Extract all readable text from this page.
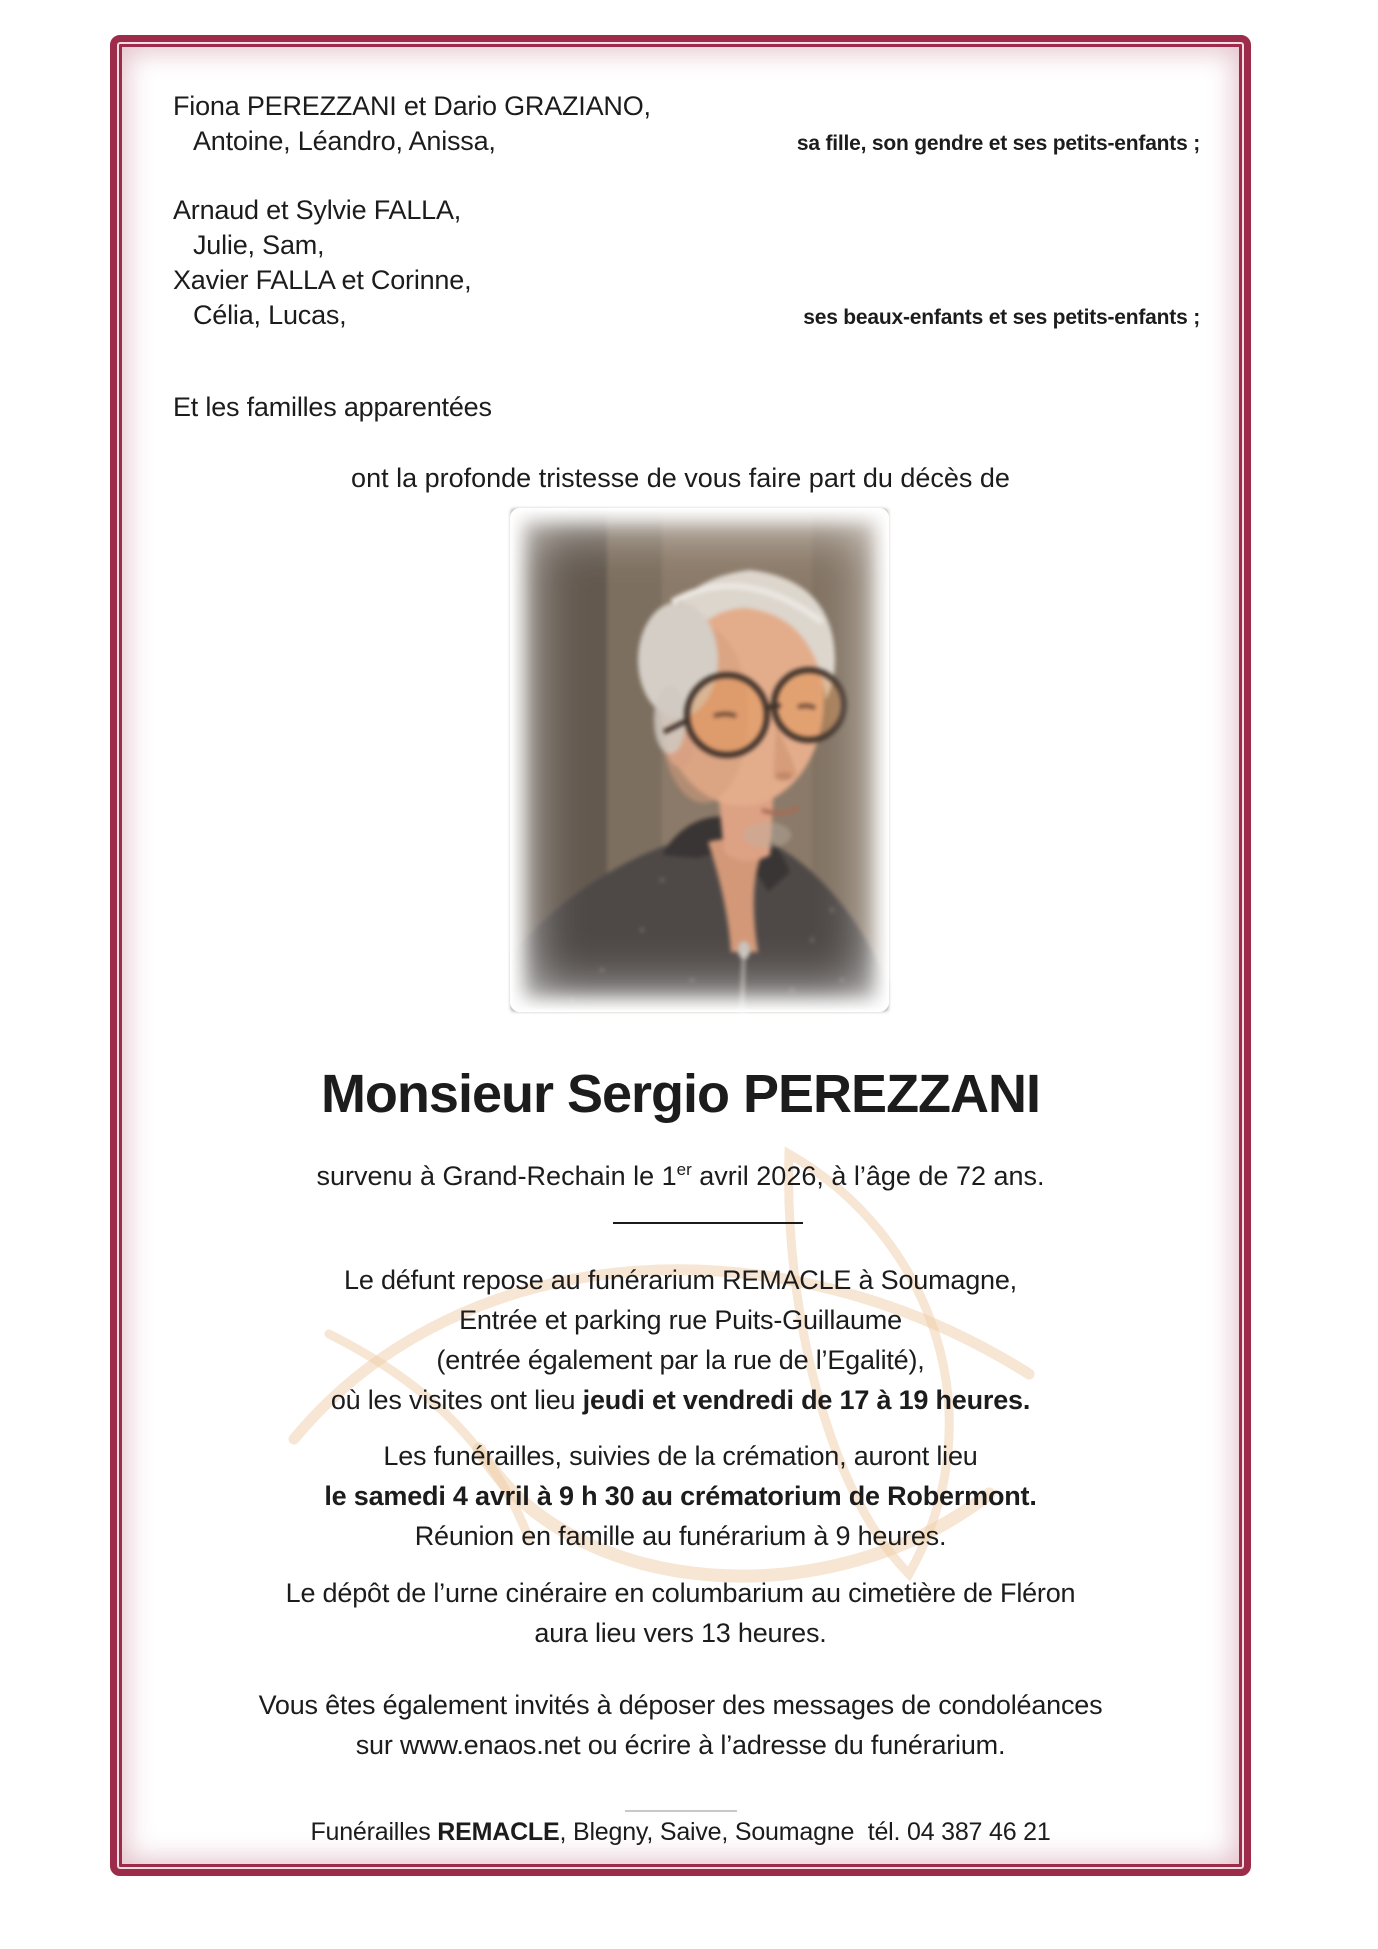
Fiona PEREZZANI et Dario GRAZIANO,
Antoine, Léandro, Anissa,	sa fille, son gendre et ses petits-enfants ;
Arnaud et Sylvie FALLA,
Julie, Sam,
Xavier FALLA et Corinne,
Célia, Lucas,	ses beaux-enfants et ses petits-enfants ;
Et les familles apparentées
ont la profonde tristesse de vous faire part du décès de
Monsieur Sergio PEREZZANI
survenu à Grand-Rechain le 1er avril 2026, à l’âge de 72 ans.

Le défunt repose au funérarium REMACLE à Soumagne,
Entrée et parking rue Puits-Guillaume
(entrée également par la rue de l’Egalité),
où les visites ont lieu jeudi et vendredi de 17 à 19 heures.

Les funérailles, suivies de la crémation, auront lieu
le samedi 4 avril à 9 h 30 au crématorium de Robermont.
Réunion en famille au funérarium à 9 heures.

Le dépôt de l’urne cinéraire en columbarium au cimetière de Fléron
aura lieu vers 13 heures.

Vous êtes également invités à déposer des messages de condoléances
sur www.enaos.net ou écrire à l’adresse du funérarium.

Funérailles REMACLE, Blegny, Saive, Soumagne  tél. 04 387 46 21
